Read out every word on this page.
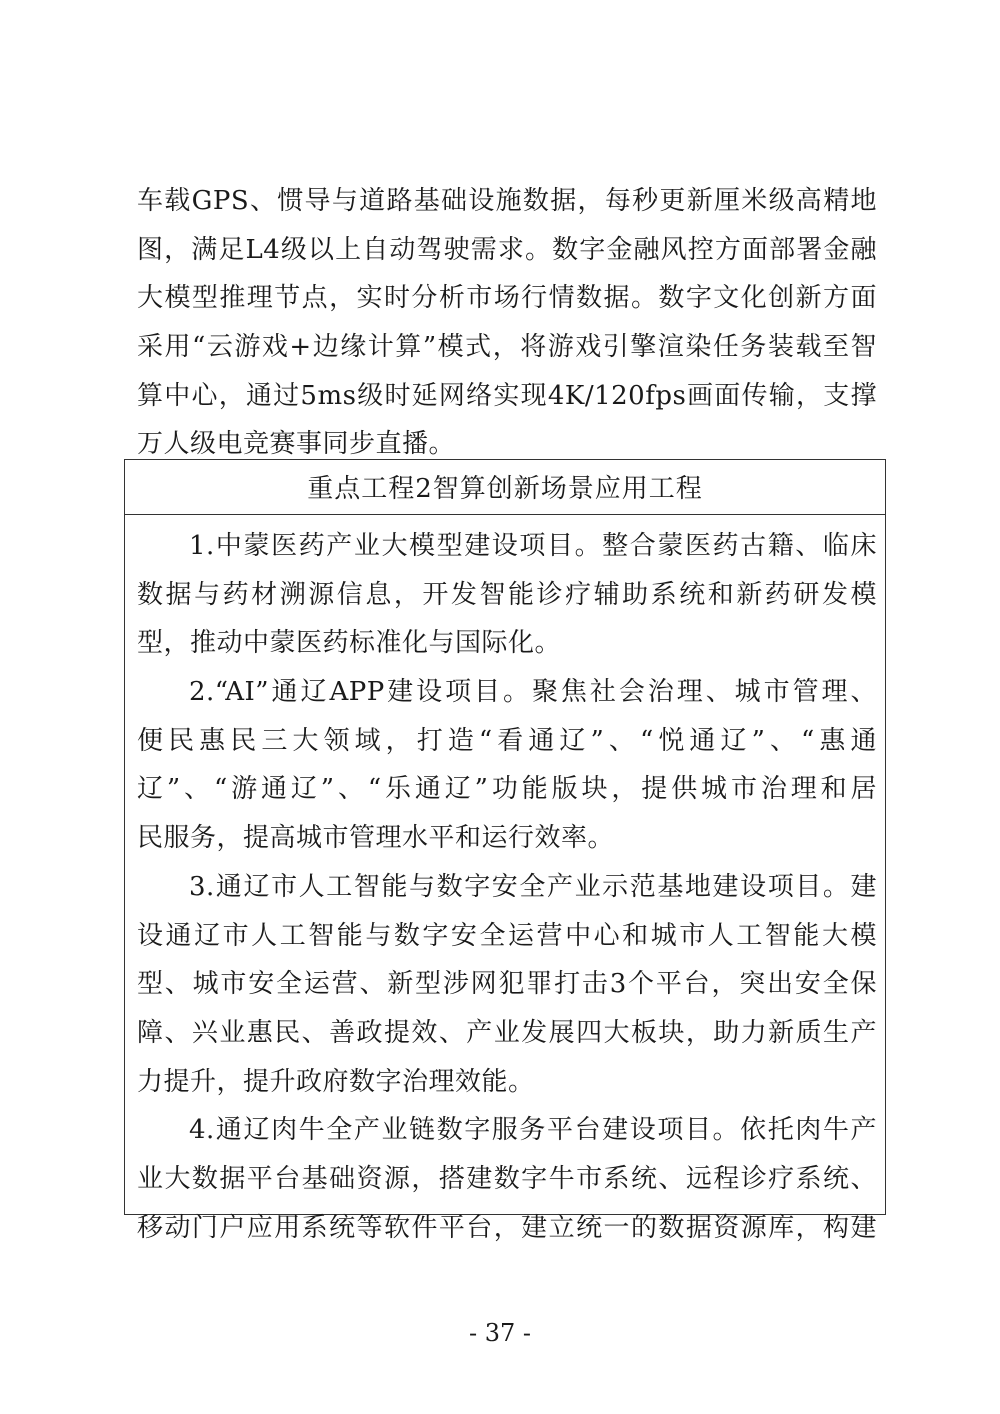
车载GPS、惯导与道路基础设施数据，每秒更新厘米级高精地
图，满足L4级以上自动驾驶需求。数字金融风控方面部署金融
大模型推理节点，实时分析市场行情数据。数字文化创新方面
采用“云游戏+边缘计算”模式，将游戏引擎渲染任务装载至智
算中心，通过5ms级时延网络实现4K/120fps画面传输，支撑
万人级电竞赛事同步直播。
重点工程2智算创新场景应用工程
1.中蒙医药产业大模型建设项目。整合蒙医药古籍、临床
数据与药材溯源信息，开发智能诊疗辅助系统和新药研发模
型，推动中蒙医药标准化与国际化。
2.“AI”通辽APP建设项目。聚焦社会治理、城市管理、
便民惠民三大领域，打造“看通辽”、“悦通辽”、“惠通
辽”、“游通辽”、“乐通辽”功能版块，提供城市治理和居
民服务，提高城市管理水平和运行效率。
3.通辽市人工智能与数字安全产业示范基地建设项目。建
设通辽市人工智能与数字安全运营中心和城市人工智能大模
型、城市安全运营、新型涉网犯罪打击3个平台，突出安全保
障、兴业惠民、善政提效、产业发展四大板块，助力新质生产
力提升，提升政府数字治理效能。
4.通辽肉牛全产业链数字服务平台建设项目。依托肉牛产
业大数据平台基础资源，搭建数字牛市系统、远程诊疗系统、
移动门户应用系统等软件平台，建立统一的数据资源库，构建
- 37 -
